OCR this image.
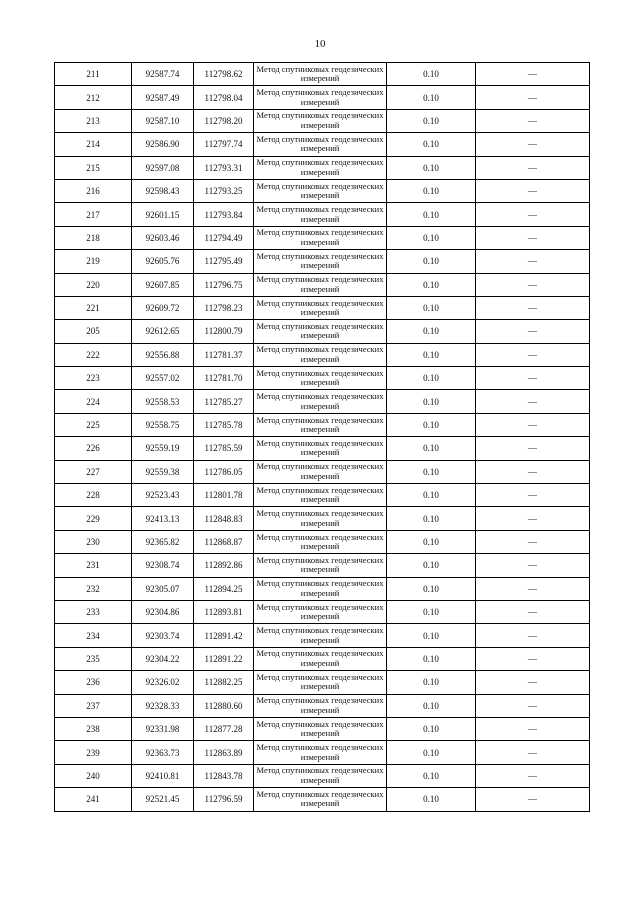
10
211	92587.74	112798.62	Метод спутниковых геодезических измерений	0.10	—
212	92587.49	112798.04	Метод спутниковых геодезических измерений	0.10	—
213	92587.10	112798.20	Метод спутниковых геодезических измерений	0.10	—
214	92586.90	112797.74	Метод спутниковых геодезических измерений	0.10	—
215	92597.08	112793.31	Метод спутниковых геодезических измерений	0.10	—
216	92598.43	112793.25	Метод спутниковых геодезических измерений	0.10	—
217	92601.15	112793.84	Метод спутниковых геодезических измерений	0.10	—
218	92603.46	112794.49	Метод спутниковых геодезических измерений	0.10	—
219	92605.76	112795.49	Метод спутниковых геодезических измерений	0.10	—
220	92607.85	112796.75	Метод спутниковых геодезических измерений	0.10	—
221	92609.72	112798.23	Метод спутниковых геодезических измерений	0.10	—
205	92612.65	112800.79	Метод спутниковых геодезических измерений	0.10	—
222	92556.88	112781.37	Метод спутниковых геодезических измерений	0.10	—
223	92557.02	112781.70	Метод спутниковых геодезических измерений	0.10	—
224	92558.53	112785.27	Метод спутниковых геодезических измерений	0.10	—
225	92558.75	112785.78	Метод спутниковых геодезических измерений	0.10	—
226	92559.19	112785.59	Метод спутниковых геодезических измерений	0.10	—
227	92559.38	112786.05	Метод спутниковых геодезических измерений	0.10	—
228	92523.43	112801.78	Метод спутниковых геодезических измерений	0.10	—
229	92413.13	112848.83	Метод спутниковых геодезических измерений	0.10	—
230	92365.82	112868.87	Метод спутниковых геодезических измерений	0.10	—
231	92308.74	112892.86	Метод спутниковых геодезических измерений	0.10	—
232	92305.07	112894.25	Метод спутниковых геодезических измерений	0.10	—
233	92304.86	112893.81	Метод спутниковых геодезических измерений	0.10	—
234	92303.74	112891.42	Метод спутниковых геодезических измерений	0.10	—
235	92304.22	112891.22	Метод спутниковых геодезических измерений	0.10	—
236	92326.02	112882.25	Метод спутниковых геодезических измерений	0.10	—
237	92328.33	112880.60	Метод спутниковых геодезических измерений	0.10	—
238	92331.98	112877.28	Метод спутниковых геодезических измерений	0.10	—
239	92363.73	112863.89	Метод спутниковых геодезических измерений	0.10	—
240	92410.81	112843.78	Метод спутниковых геодезических измерений	0.10	—
241	92521.45	112796.59	Метод спутниковых геодезических измерений	0.10	—
